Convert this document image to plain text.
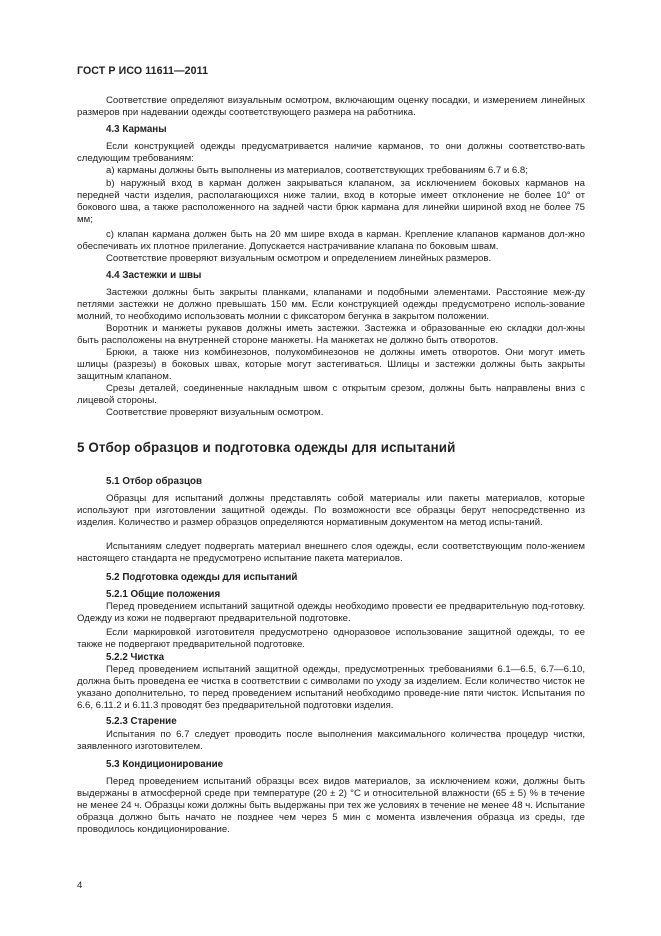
ГОСТ Р ИСО 11611—2011
Соответствие определяют визуальным осмотром, включающим оценку посадки, и измерением линейных размеров при надевании одежды соответствующего размера на работника.
4.3 Карманы
Если конструкцией одежды предусматривается наличие карманов, то они должны соответство-вать следующим требованиям:
а) карманы должны быть выполнены из материалов, соответствующих требованиям 6.7 и 6.8;
b) наружный вход в карман должен закрываться клапаном, за исключением боковых карманов на передней части изделия, располагающихся ниже талии, вход в которые имеет отклонение не более 10° от бокового шва, а также расположенного на задней части брюк кармана для линейки шириной вход не более 75 мм;
с) клапан кармана должен быть на 20 мм шире входа в карман. Крепление клапанов карманов дол-жно обеспечивать их плотное прилегание. Допускается настрачивание клапана по боковым швам.
Соответствие проверяют визуальным осмотром и определением линейных размеров.
4.4 Застежки и швы
Застежки должны быть закрыты планками, клапанами и подобными элементами. Расстояние меж-ду петлями застежки не должно превышать 150 мм. Если конструкцией одежды предусмотрено исполь-зование молний, то необходимо использовать молнии с фиксатором бегунка в закрытом положении.
Воротник и манжеты рукавов должны иметь застежки. Застежка и образованные ею складки дол-жны быть расположены на внутренней стороне манжеты. На манжетах не должно быть отворотов.
Брюки, а также низ комбинезонов, полукомбинезонов не должны иметь отворотов. Они могут иметь шлицы (разрезы) в боковых швах, которые могут застегиваться. Шлицы и застежки должны быть закрыты защитным клапаном.
Срезы деталей, соединенные накладным швом с открытым срезом, должны быть направлены вниз с лицевой стороны.
Соответствие проверяют визуальным осмотром.
5 Отбор образцов и подготовка одежды для испытаний
5.1 Отбор образцов
Образцы для испытаний должны представлять собой материалы или пакеты материалов, которые используют при изготовлении защитной одежды. По возможности все образцы берут непосредственно из изделия. Количество и размер образцов определяются нормативным документом на метод испы-таний.
Испытаниям следует подвергать материал внешнего слоя одежды, если соответствующим поло-жением настоящего стандарта не предусмотрено испытание пакета материалов.
5.2 Подготовка одежды для испытаний
5.2.1 Общие положения
Перед проведением испытаний защитной одежды необходимо провести ее предварительную под-готовку. Одежду из кожи не подвергают предварительной подготовке.
Если маркировкой изготовителя предусмотрено одноразовое использование защитной одежды, то ее также не подвергают предварительной подготовке.
5.2.2 Чистка
Перед проведением испытаний защитной одежды, предусмотренных требованиями 6.1—6.5, 6.7—6.10, должна быть проведена ее чистка в соответствии с символами по уходу за изделием. Если количество чисток не указано дополнительно, то перед проведением испытаний необходимо проведе-ние пяти чисток. Испытания по 6.6, 6.11.2 и 6.11.3 проводят без предварительной подготовки изделия.
5.2.3 Старение
Испытания по 6.7 следует проводить после выполнения максимального количества процедур чистки, заявленного изготовителем.
5.3 Кондиционирование
Перед проведением испытаний образцы всех видов материалов, за исключением кожи, должны быть выдержаны в атмосферной среде при температуре (20 ± 2) °С и относительной влажности (65 ± 5) % в течение не менее 24 ч. Образцы кожи должны быть выдержаны при тех же условиях в течение не менее 48 ч. Испытание образца должно быть начато не позднее чем через 5 мин с момента извлечения образца из среды, где проводилось кондиционирование.
4
